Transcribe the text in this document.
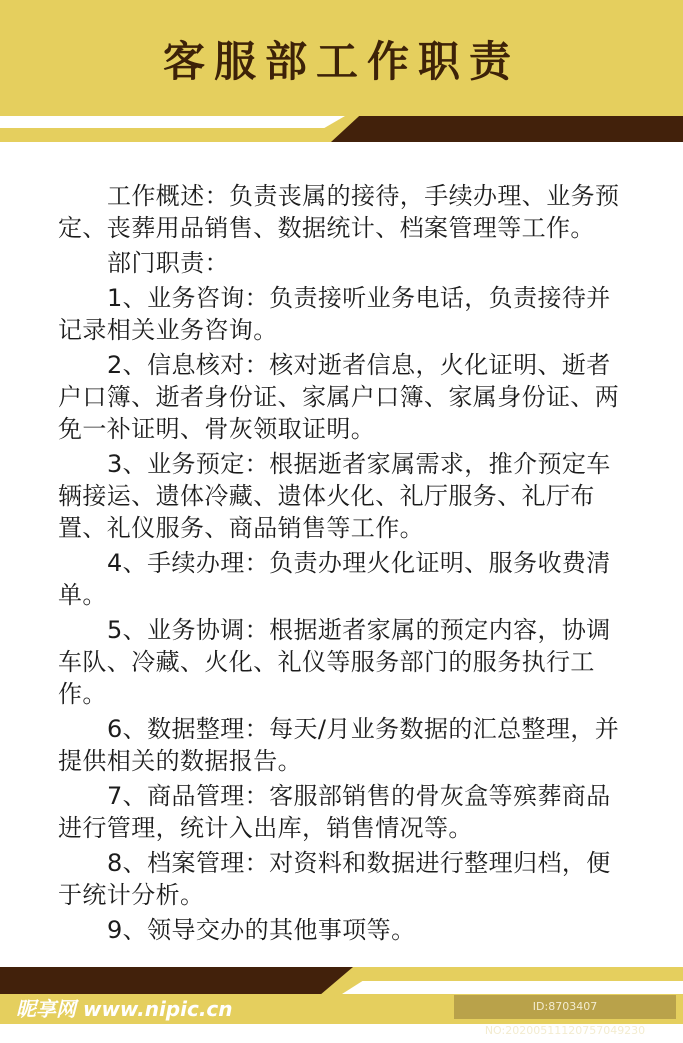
客服部工作职责
昵享网 www.nipic.cn	ID:8703407 NO:20200511120757049230

工作概述：负责丧属的接待，手续办理、业务预定、丧葬用品销售、数据统计、档案管理等工作。

部门职责：

1、业务咨询：负责接听业务电话，负责接待并记录相关业务咨询。

2、信息核对：核对逝者信息，火化证明、逝者户口簿、逝者身份证、家属户口簿、家属身份证、两免一补证明、骨灰领取证明。

3、业务预定：根据逝者家属需求，推介预定车辆接运、遗体冷藏、遗体火化、礼厅服务、礼厅布置、礼仪服务、商品销售等工作。

4、手续办理：负责办理火化证明、服务收费清单。

5、业务协调：根据逝者家属的预定内容，协调车队、冷藏、火化、礼仪等服务部门的服务执行工作。

6、数据整理：每天/月业务数据的汇总整理，并提供相关的数据报告。

7、商品管理：客服部销售的骨灰盒等殡葬商品进行管理，统计入出库，销售情况等。

8、档案管理：对资料和数据进行整理归档，便于统计分析。

9、领导交办的其他事项等。
